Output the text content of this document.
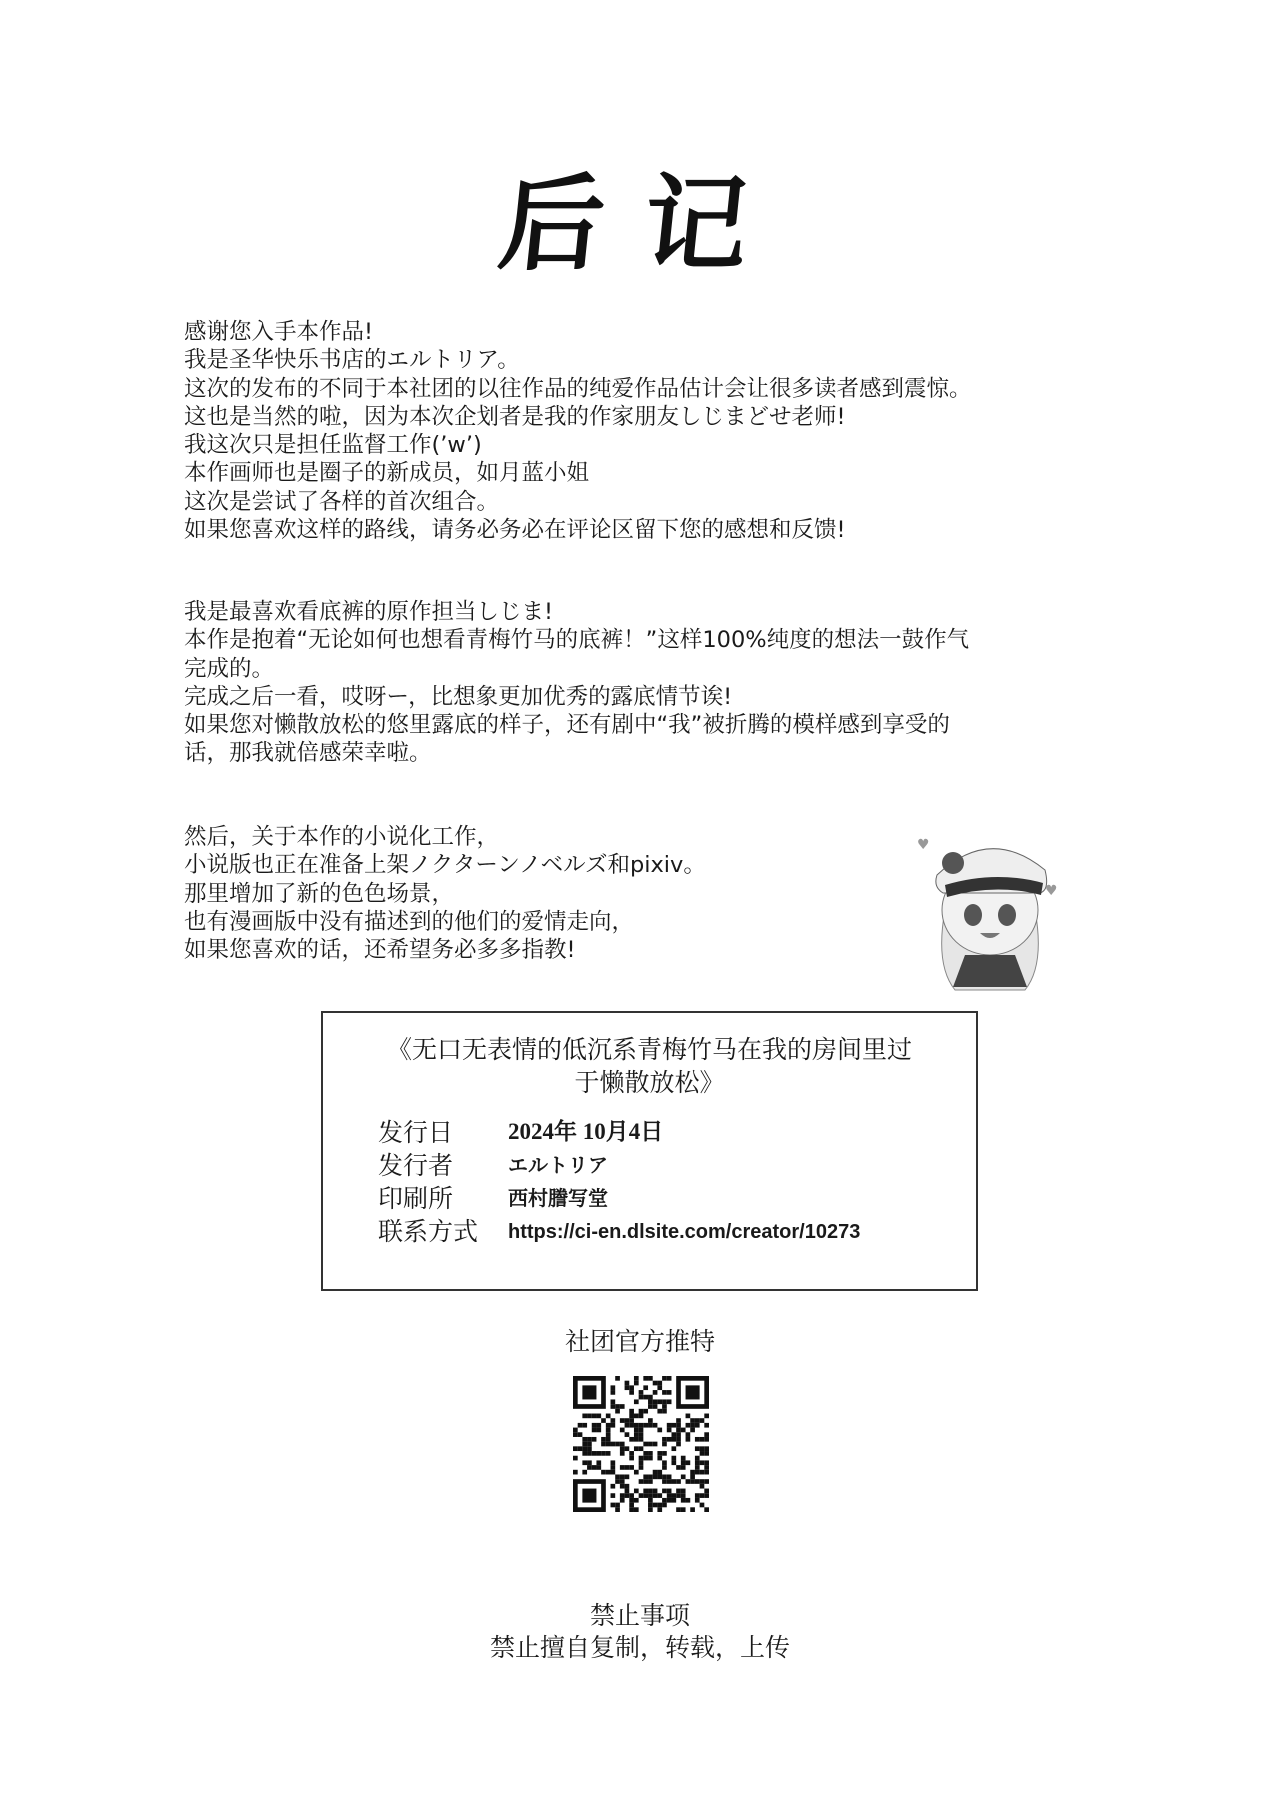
后记
感谢您入手本作品!
我是圣华快乐书店的エルトリア。
这次的发布的不同于本社团的以往作品的纯爱作品估计会让很多读者感到震惊。
这也是当然的啦，因为本次企划者是我的作家朋友しじまどせ老师!
我这次只是担任监督工作(’w’)
本作画师也是圈子的新成员，如月蓝小姐
这次是尝试了各样的首次组合。
如果您喜欢这样的路线，请务必务必在评论区留下您的感想和反馈!
我是最喜欢看底裤的原作担当しじま!
本作是抱着“无论如何也想看青梅竹马的底裤！”这样100%纯度的想法一鼓作气
完成的。
完成之后一看，哎呀ー，比想象更加优秀的露底情节诶!
如果您对懒散放松的悠里露底的样子，还有剧中“我”被折腾的模样感到享受的
话，那我就倍感荣幸啦。
然后，关于本作的小说化工作，
小说版也正在准备上架ノクターンノベルズ和pixiv。
那里增加了新的色色场景，
也有漫画版中没有描述到的他们的爱情走向，
如果您喜欢的话，还希望务必多多指教!
♥
♥
《无口无表情的低沉系青梅竹马在我的房间里过
于懒散放松》
发行日 2024年 10月4日
发行者	エルトリア
印刷所	西村謄写堂
联系方式 https://ci-en.dlsite.com/creator/10273
社团官方推特
禁止事项
禁止擅自复制，转载，上传
